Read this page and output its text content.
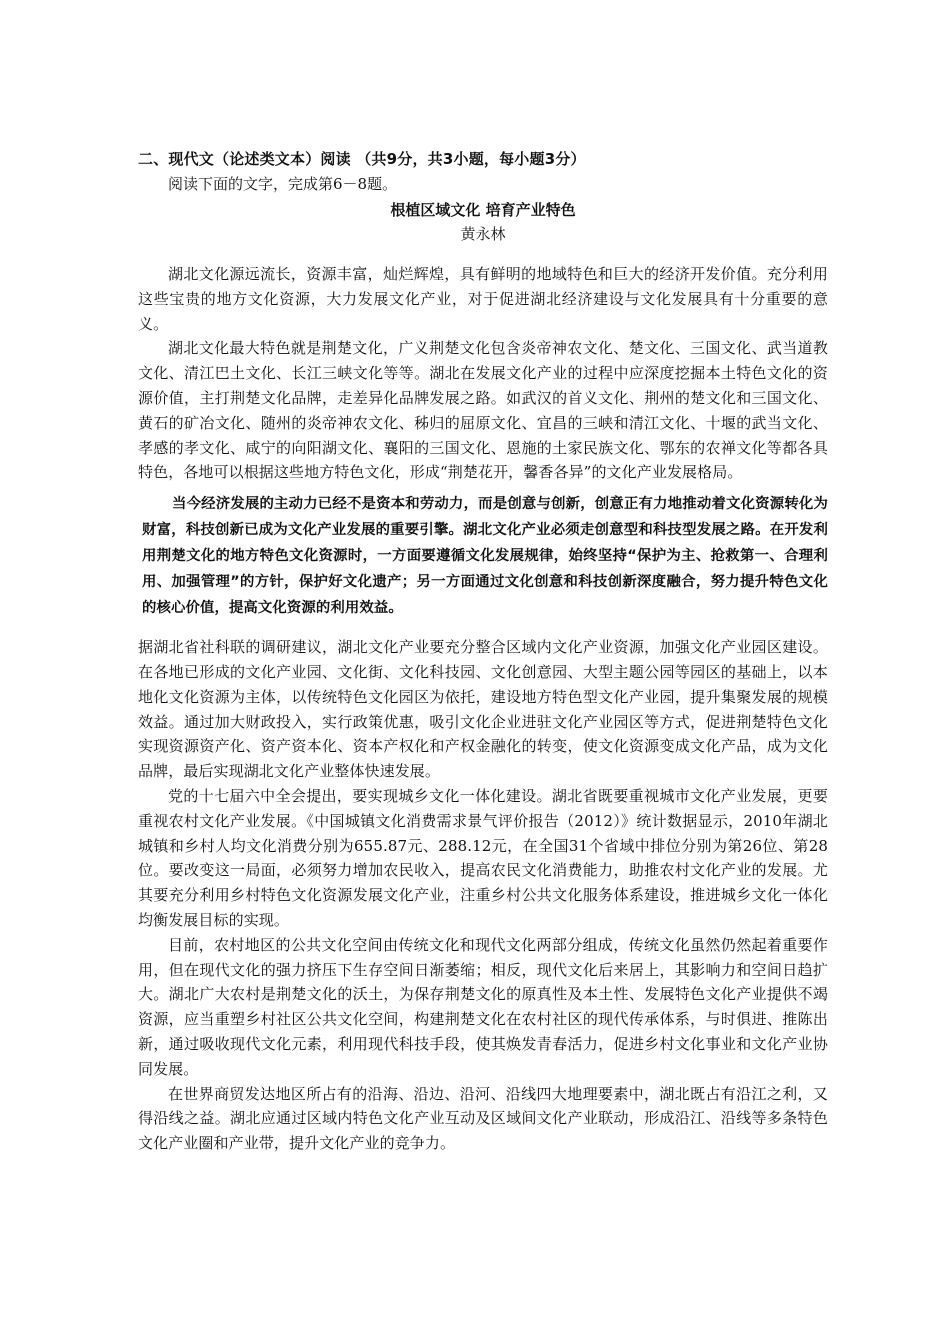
二、现代文（论述类文本）阅读 （共9分，共3小题，每小题3分）

阅读下面的文字，完成第6－8题。

根植区域文化 培育产业特色

黄永林

湖北文化源远流长，资源丰富，灿烂辉煌，具有鲜明的地域特色和巨大的经济开发价值。充分利用这些宝贵的地方文化资源，大力发展文化产业，对于促进湖北经济建设与文化发展具有十分重要的意义。

湖北文化最大特色就是荆楚文化，广义荆楚文化包含炎帝神农文化、楚文化、三国文化、武当道教文化、清江巴土文化、长江三峡文化等等。湖北在发展文化产业的过程中应深度挖掘本土特色文化的资源价值，主打荆楚文化品牌，走差异化品牌发展之路。如武汉的首义文化、荆州的楚文化和三国文化、黄石的矿冶文化、随州的炎帝神农文化、秭归的屈原文化、宜昌的三峡和清江文化、十堰的武当文化、孝感的孝文化、咸宁的向阳湖文化、襄阳的三国文化、恩施的土家民族文化、鄂东的农禅文化等都各具特色，各地可以根据这些地方特色文化，形成“荆楚花开，馨香各异”的文化产业发展格局。

当今经济发展的主动力已经不是资本和劳动力，而是创意与创新，创意正有力地推动着文化资源转化为财富，科技创新已成为文化产业发展的重要引擎。湖北文化产业必须走创意型和科技型发展之路。在开发利用荆楚文化的地方特色文化资源时，一方面要遵循文化发展规律，始终坚持“保护为主、抢救第一、合理利用、加强管理”的方针，保护好文化遗产；另一方面通过文化创意和科技创新深度融合，努力提升特色文化的核心价值，提高文化资源的利用效益。

据湖北省社科联的调研建议，湖北文化产业要充分整合区域内文化产业资源，加强文化产业园区建设。在各地已形成的文化产业园、文化街、文化科技园、文化创意园、大型主题公园等园区的基础上，以本地化文化资源为主体，以传统特色文化园区为依托，建设地方特色型文化产业园，提升集聚发展的规模效益。通过加大财政投入，实行政策优惠，吸引文化企业进驻文化产业园区等方式，促进荆楚特色文化实现资源资产化、资产资本化、资本产权化和产权金融化的转变，使文化资源变成文化产品，成为文化品牌，最后实现湖北文化产业整体快速发展。

党的十七届六中全会提出，要实现城乡文化一体化建设。湖北省既要重视城市文化产业发展，更要重视农村文化产业发展。《中国城镇文化消费需求景气评价报告（2012）》统计数据显示，2010年湖北城镇和乡村人均文化消费分别为655.87元、288.12元，在全国31个省域中排位分别为第26位、第28位。要改变这一局面，必须努力增加农民收入，提高农民文化消费能力，助推农村文化产业的发展。尤其要充分利用乡村特色文化资源发展文化产业，注重乡村公共文化服务体系建设，推进城乡文化一体化均衡发展目标的实现。

目前，农村地区的公共文化空间由传统文化和现代文化两部分组成，传统文化虽然仍然起着重要作用，但在现代文化的强力挤压下生存空间日渐萎缩；相反，现代文化后来居上，其影响力和空间日趋扩大。湖北广大农村是荆楚文化的沃土，为保存荆楚文化的原真性及本土性、发展特色文化产业提供不竭资源，应当重塑乡村社区公共文化空间，构建荆楚文化在农村社区的现代传承体系，与时俱进、推陈出新，通过吸收现代文化元素，利用现代科技手段，使其焕发青春活力，促进乡村文化事业和文化产业协同发展。

在世界商贸发达地区所占有的沿海、沿边、沿河、沿线四大地理要素中，湖北既占有沿江之利，又得沿线之益。湖北应通过区域内特色文化产业互动及区域间文化产业联动，形成沿江、沿线等多条特色文化产业圈和产业带，提升文化产业的竞争力。
